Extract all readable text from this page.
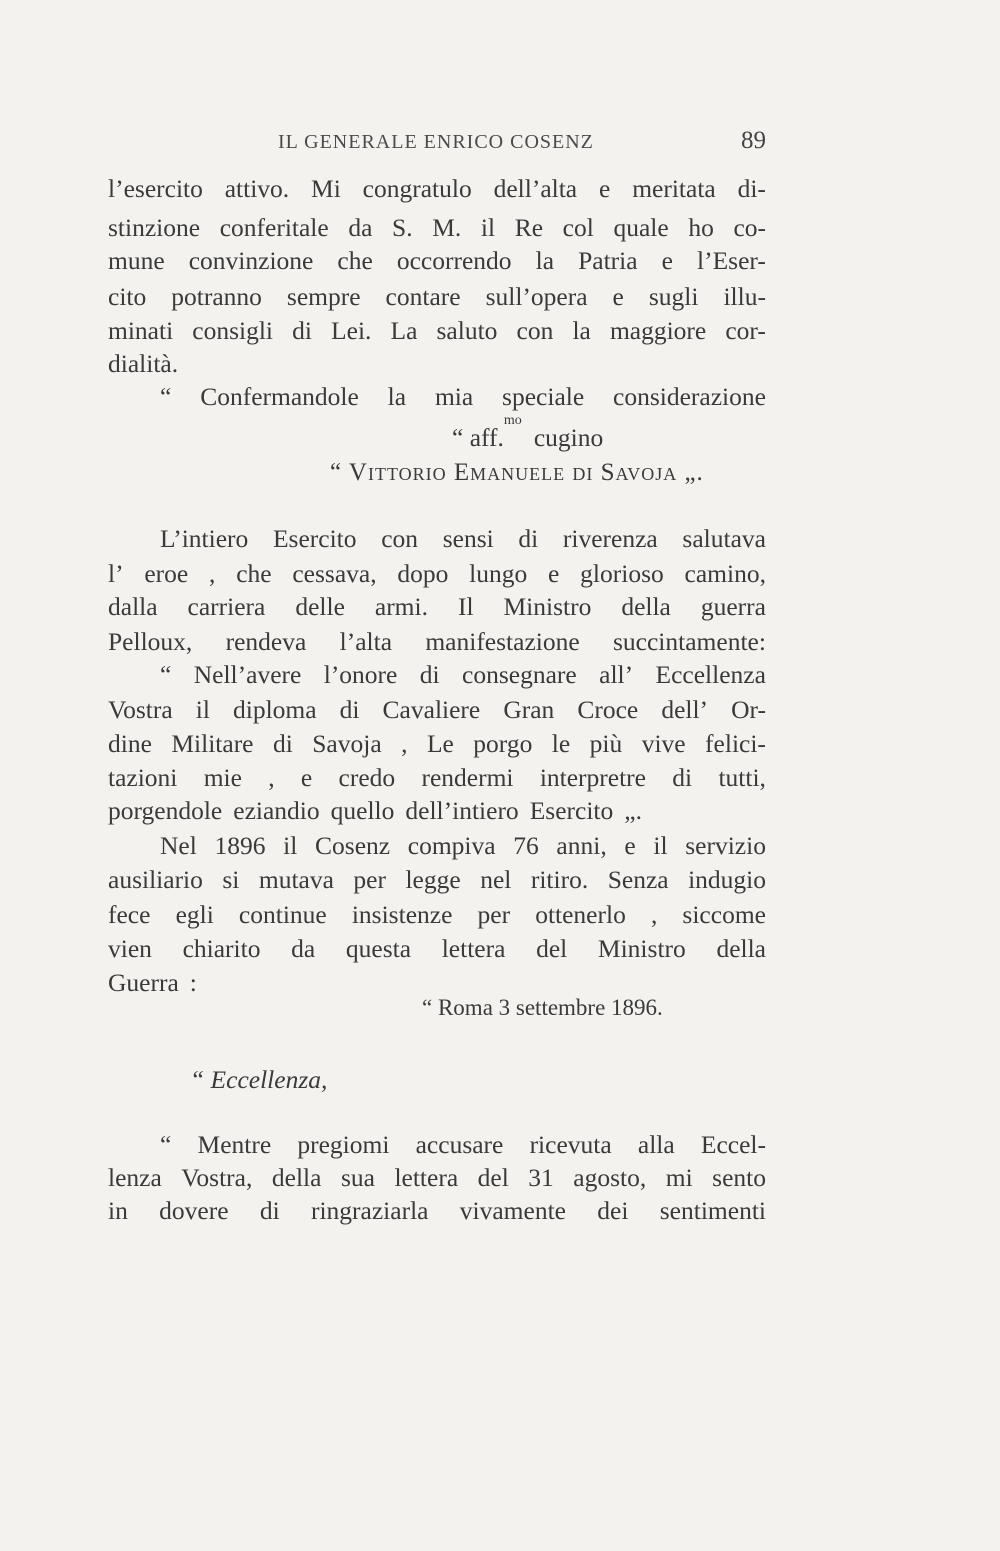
IL GENERALE ENRICO COSENZ	89
l’esercito attivo. Mi congratulo dell’alta e meritata di-
stinzione conferitale da S. M. il Re col quale ho co-
mune convinzione che occorrendo la Patria e l’Eser-
cito potranno sempre contare sull’opera e sugli illu-
minati consigli di Lei. La saluto con la maggiore cor-
dialità.
“ Confermandole la mia speciale considerazione
“ aff.
mo
cugino
“ Vittorio Emanuele di Savoja „.
L’intiero Esercito con sensi di riverenza salutava
l’ eroe , che cessava, dopo lungo e glorioso camino,
dalla carriera delle armi. Il Ministro della guerra
Pelloux, rendeva l’alta manifestazione succintamente:
“ Nell’avere l’onore di consegnare all’ Eccellenza
Vostra il diploma di Cavaliere Gran Croce dell’ Or-
dine Militare di Savoja , Le porgo le più vive felici-
tazioni mie , e credo rendermi interpretre di tutti,
porgendole eziandio quello dell’intiero Esercito „.
Nel 1896 il Cosenz compiva 76 anni, e il servizio
ausiliario si mutava per legge nel ritiro. Senza indugio
fece egli continue insistenze per ottenerlo , siccome
vien chiarito da questa lettera del Ministro della
Guerra :
“ Roma 3 settembre 1896.
“ Eccellenza,
“ Mentre pregiomi accusare ricevuta alla Eccel-
lenza Vostra, della sua lettera del 31 agosto, mi sento
in dovere di ringraziarla vivamente dei sentimenti
